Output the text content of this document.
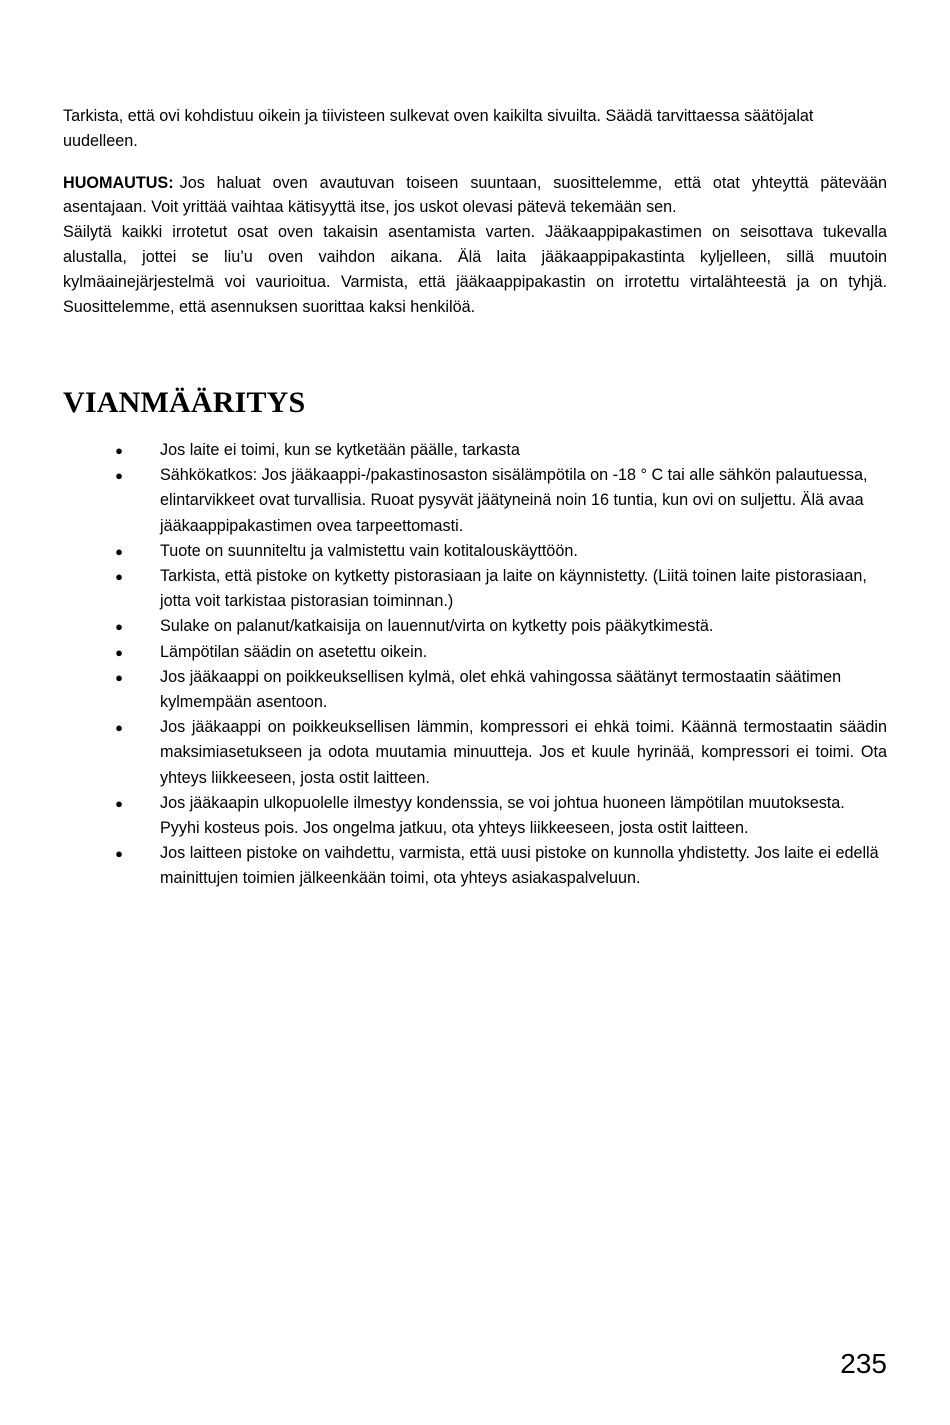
Tarkista, että ovi kohdistuu oikein ja tiivisteen sulkevat oven kaikilta sivuilta. Säädä tarvittaessa säätöjalat uudelleen.

HUOMAUTUS: Jos haluat oven avautuvan toiseen suuntaan, suosittelemme, että otat yhteyttä pätevään asentajaan. Voit yrittää vaihtaa kätisyyttä itse, jos uskot olevasi pätevä tekemään sen.

Säilytä kaikki irrotetut osat oven takaisin asentamista varten. Jääkaappipakastimen on seisottava tukevalla alustalla, jottei se liu’u oven vaihdon aikana. Älä laita jääkaappipakastinta kyljelleen, sillä muutoin kylmäainejärjestelmä voi vaurioitua. Varmista, että jääkaappipakastin on irrotettu virtalähteestä ja on tyhjä. Suosittelemme, että asennuksen suorittaa kaksi henkilöä.

VIANMÄÄRITYS
●	Jos laite ei toimi, kun se kytketään päälle, tarkasta
●	Sähkökatkos: Jos jääkaappi-/pakastinosaston sisälämpötila on -18 ° C tai alle sähkön palautuessa, elintarvikkeet ovat turvallisia. Ruoat pysyvät jäätyneinä noin 16 tuntia, kun ovi on suljettu. Älä avaa jääkaappipakastimen ovea tarpeettomasti.
●	Tuote on suunniteltu ja valmistettu vain kotitalouskäyttöön.
●	Tarkista, että pistoke on kytketty pistorasiaan ja laite on käynnistetty. (Liitä toinen laite pistorasiaan, jotta voit tarkistaa pistorasian toiminnan.)
●	Sulake on palanut/katkaisija on lauennut/virta on kytketty pois pääkytkimestä.
●	Lämpötilan säädin on asetettu oikein.
●	Jos jääkaappi on poikkeuksellisen kylmä, olet ehkä vahingossa säätänyt termostaatin säätimen kylmempään asentoon.
●	Jos jääkaappi on poikkeuksellisen lämmin, kompressori ei ehkä toimi. Käännä termostaatin säädin maksimiasetukseen ja odota muutamia minuutteja. Jos et kuule hyrinää, kompressori ei toimi. Ota yhteys liikkeeseen, josta ostit laitteen.
●	Jos jääkaapin ulkopuolelle ilmestyy kondenssia, se voi johtua huoneen lämpötilan muutoksesta. Pyyhi kosteus pois. Jos ongelma jatkuu, ota yhteys liikkeeseen, josta ostit laitteen.
●	Jos laitteen pistoke on vaihdettu, varmista, että uusi pistoke on kunnolla yhdistetty. Jos laite ei edellä mainittujen toimien jälkeenkään toimi, ota yhteys asiakaspalveluun.
235
